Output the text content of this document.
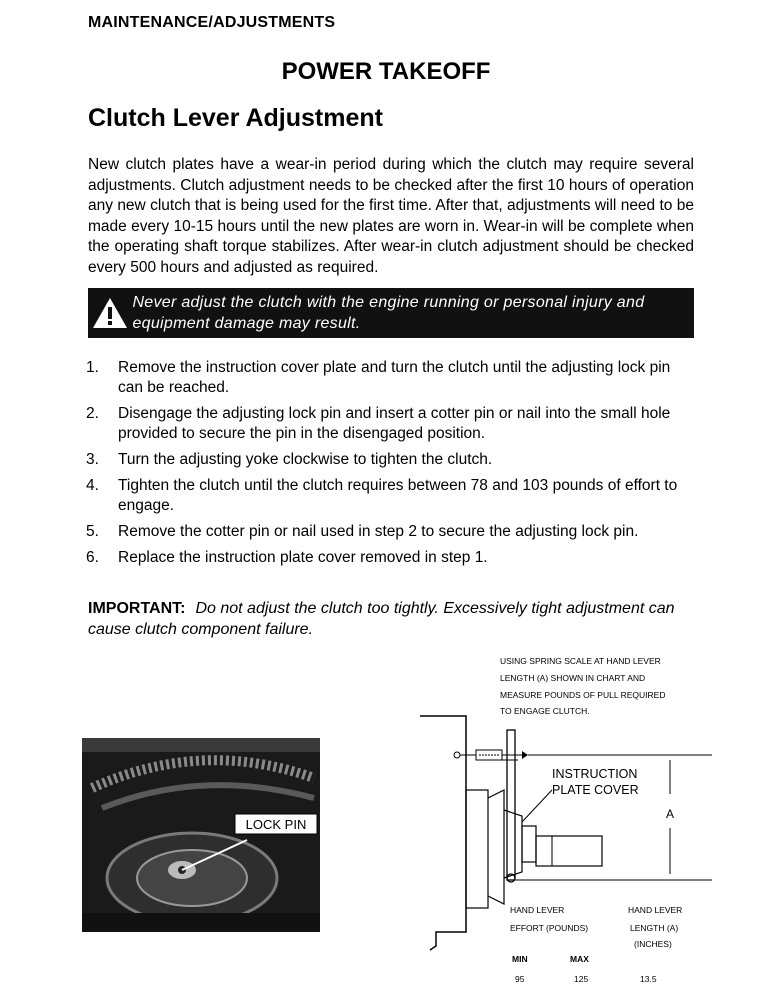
MAINTENANCE/ADJUSTMENTS
POWER TAKEOFF
Clutch Lever Adjustment

New clutch plates have a wear-in period during which the clutch may require several adjustments. Clutch adjustment needs to be checked after the first 10 hours of operation any new clutch that is being used for the first time. After that, adjustments will need to be made every 10-15 hours until the new plates are worn in. Wear-in will be complete when the operating shaft torque stabilizes. After wear-in clutch adjustment should be checked every 500 hours and adjusted as required.

Never adjust the clutch with the engine running or personal injury and equipment damage may result.
1.	Remove the instruction cover plate and turn the clutch until the adjusting lock pin can be reached.
2.	Disengage the adjusting lock pin and insert a cotter pin or nail into the small hole provided to secure the pin in the disengaged position.
3.	Turn the adjusting yoke clockwise to tighten the clutch.
4.	Tighten the clutch until the clutch requires between 78 and 103 pounds of effort to engage.
5.	Remove the cotter pin or nail used in step 2 to secure the adjusting lock pin.
6.	Replace the instruction plate cover removed in step 1.
IMPORTANT: Do not adjust the clutch too tightly. Excessively tight adjustment can cause clutch component failure.
LOCK PIN
USING SPRING SCALE AT HAND LEVER
LENGTH (A) SHOWN IN CHART AND
MEASURE POUNDS OF PULL REQUIRED
TO ENGAGE CLUTCH.
A
INSTRUCTION
PLATE COVER
HAND LEVER
EFFORT (POUNDS)
HAND LEVER
LENGTH (A)
(INCHES)
MIN	MAX
95	125	13.5
